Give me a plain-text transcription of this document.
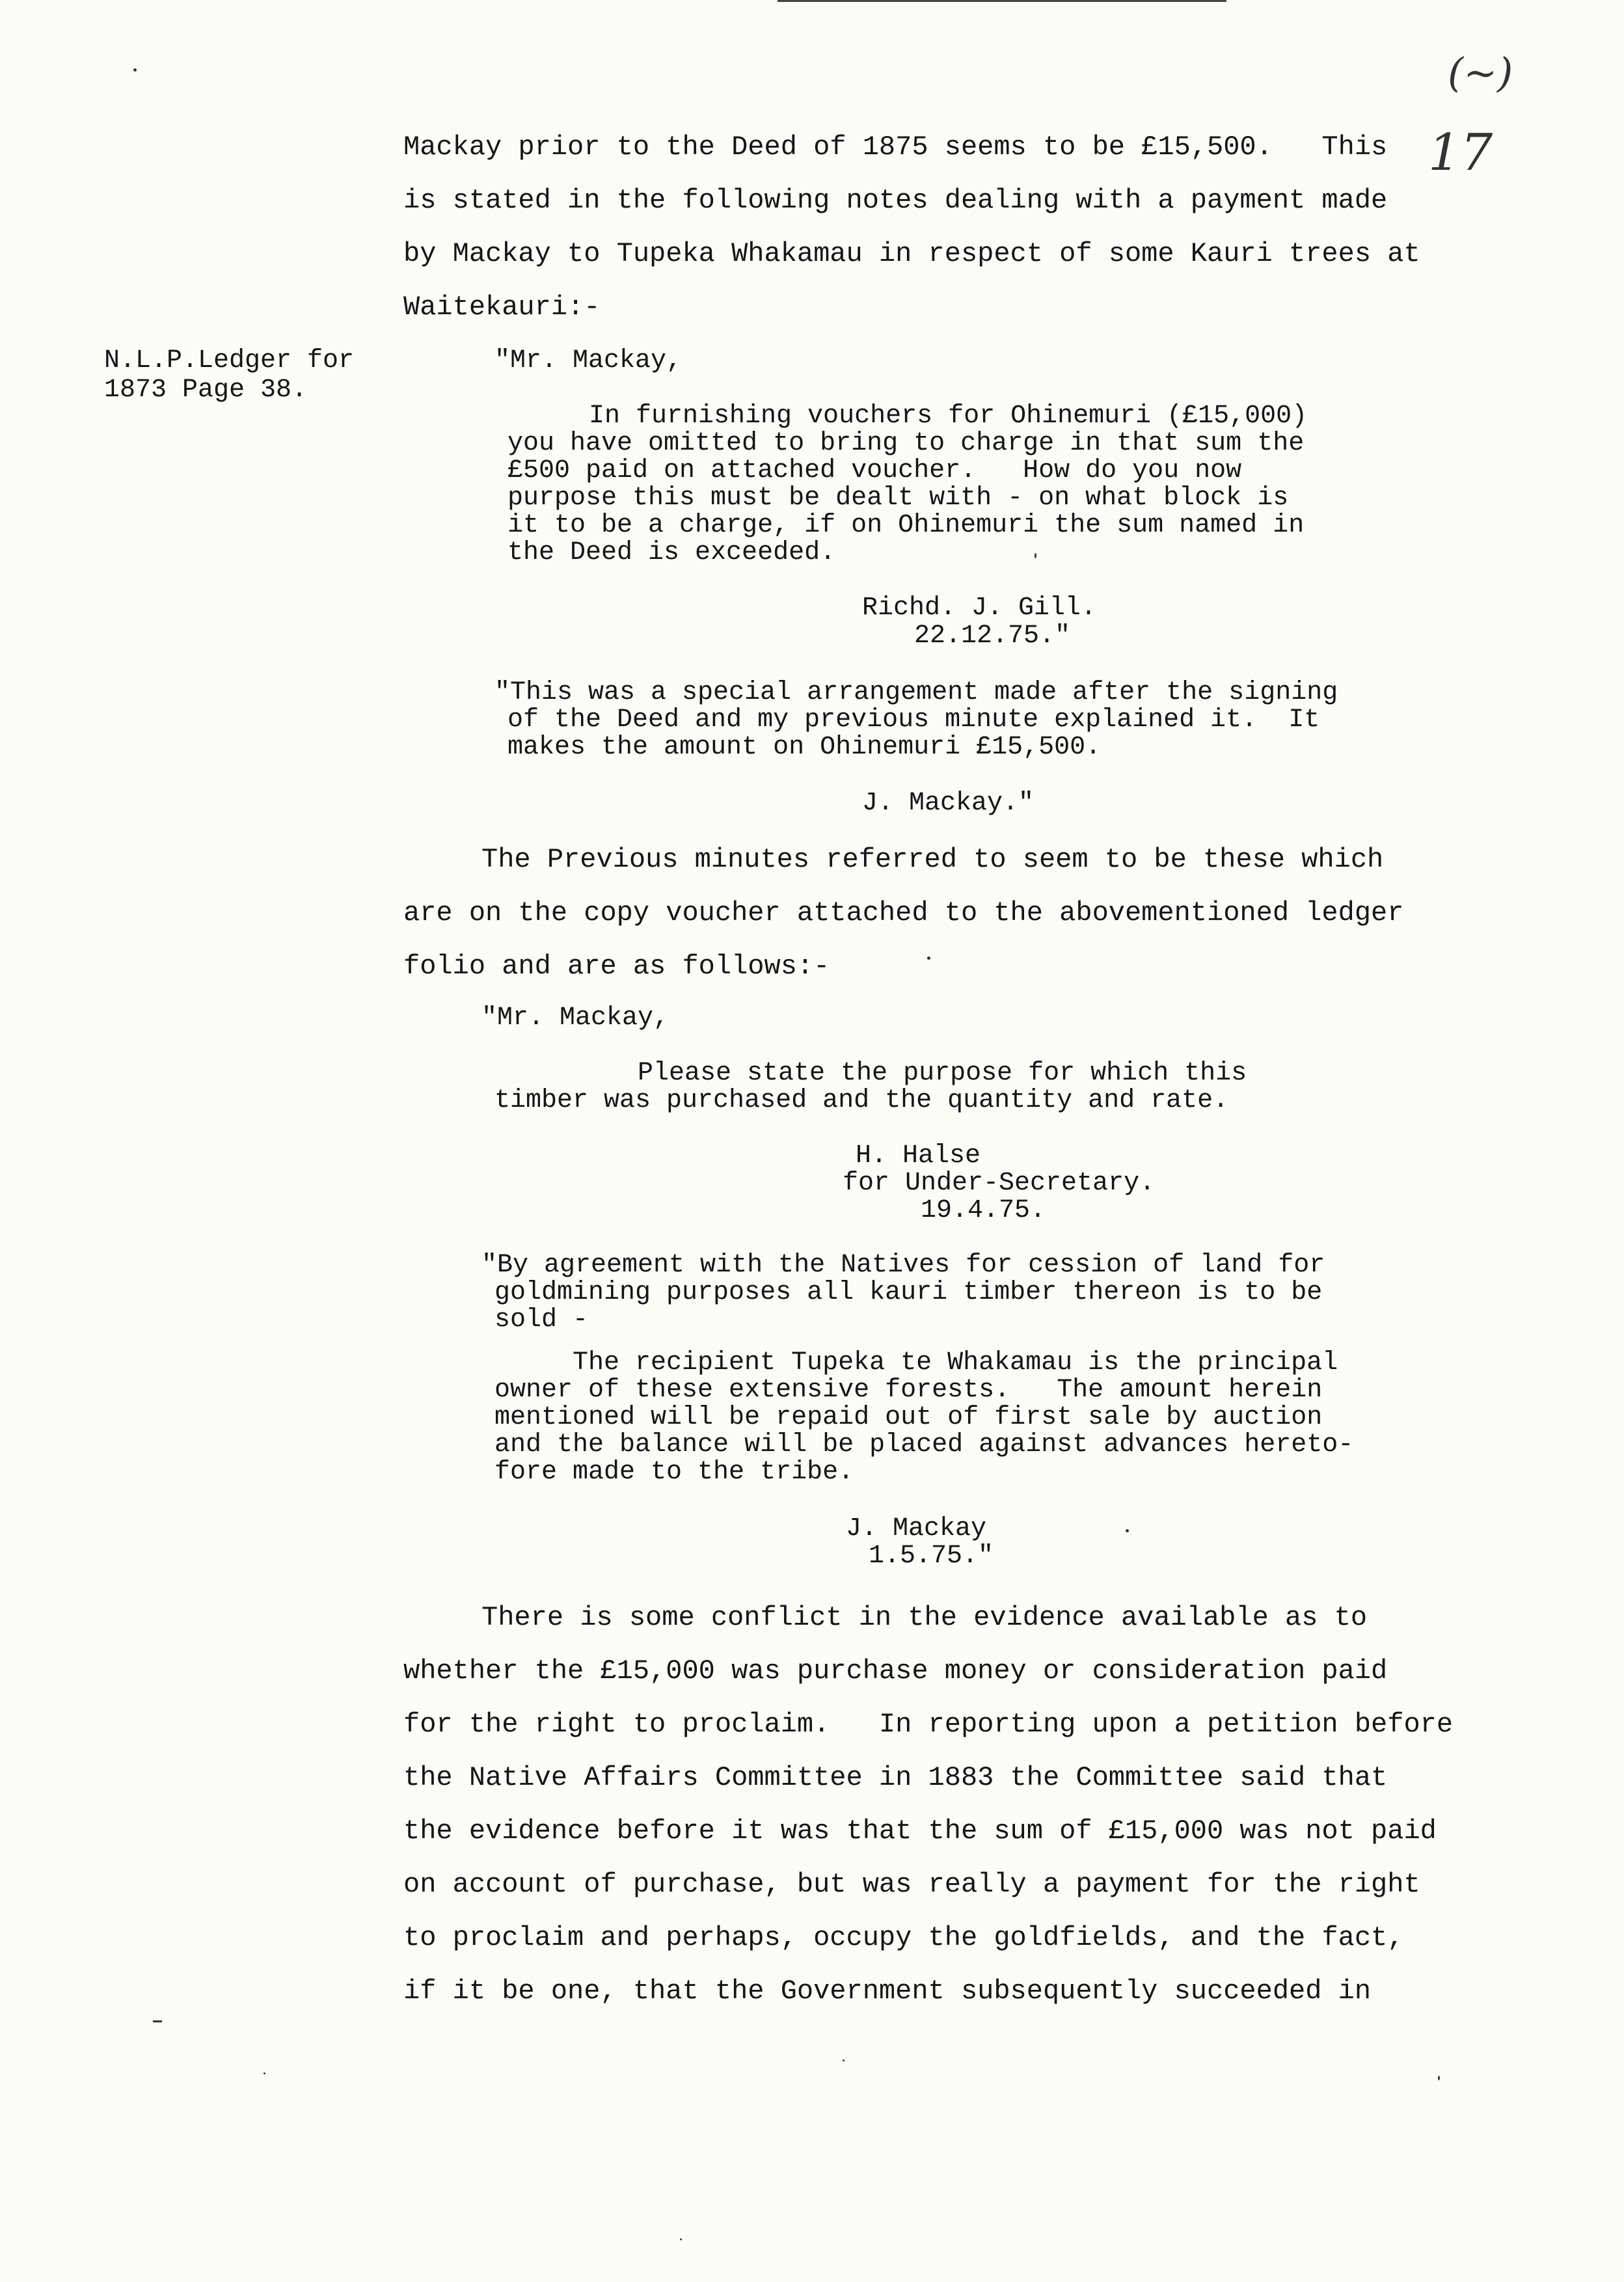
(~)
17
N.L.P.Ledger for
1873 Page 38.
Mackay prior to the Deed of 1875 seems to be £15,500.   This
is stated in the following notes dealing with a payment made
by Mackay to Tupeka Whakamau in respect of some Kauri trees at
Waitekauri:-
"Mr. Mackay,
In furnishing vouchers for Ohinemuri (£15,000)
you have omitted to bring to charge in that sum the
£500 paid on attached voucher.   How do you now
purpose this must be dealt with - on what block is
it to be a charge, if on Ohinemuri the sum named in
the Deed is exceeded.
Richd. J. Gill.
22.12.75."
"This was a special arrangement made after the signing
of the Deed and my previous minute explained it.  It
makes the amount on Ohinemuri £15,500.
J. Mackay."
The Previous minutes referred to seem to be these which
are on the copy voucher attached to the abovementioned ledger
folio and are as follows:-
"Mr. Mackay,
Please state the purpose for which this
timber was purchased and the quantity and rate.
H. Halse
for Under-Secretary.
19.4.75.
"By agreement with the Natives for cession of land for
goldmining purposes all kauri timber thereon is to be
sold -
The recipient Tupeka te Whakamau is the principal
owner of these extensive forests.   The amount herein
mentioned will be repaid out of first sale by auction
and the balance will be placed against advances hereto-
fore made to the tribe.
J. Mackay
1.5.75."
There is some conflict in the evidence available as to
whether the £15,000 was purchase money or consideration paid
for the right to proclaim.   In reporting upon a petition before
the Native Affairs Committee in 1883 the Committee said that
the evidence before it was that the sum of £15,000 was not paid
on account of purchase, but was really a payment for the right
to proclaim and perhaps, occupy the goldfields, and the fact,
if it be one, that the Government subsequently succeeded in
